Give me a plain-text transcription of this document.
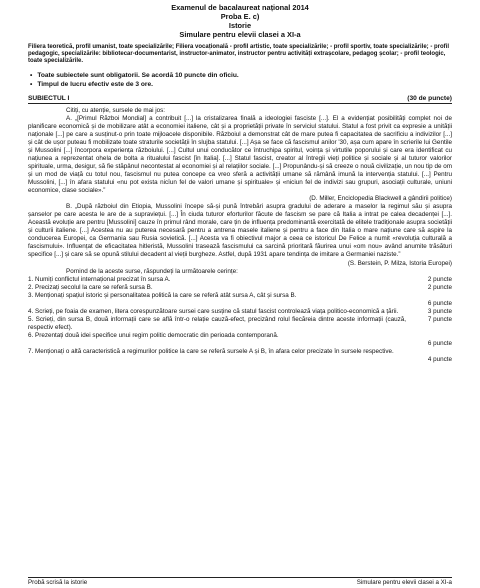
Examenul de bacalaureat național 2014
Proba E. c)
Istorie
Simulare pentru elevii clasei a XI-a
Filiera teoretică, profil umanist, toate specializările; Filiera vocațională - profil artistic, toate specializările; - profil sportiv, toate specializările; - profil pedagogic, specializările: bibliotecar-documentarist, instructor-animator, instructor pentru activități extrașcolare, pedagog școlar; - profil teologic, toate specializările.
• Toate subiectele sunt obligatorii. Se acordă 10 puncte din oficiu.
• Timpul de lucru efectiv este de 3 ore.
SUBIECTUL I	(30 de puncte)

Citiți, cu atenție, sursele de mai jos:

A. „[Primul Război Mondial] a contribuit [...] la cristalizarea finală a ideologiei fasciste [...]. El a evidențiat posibilități complet noi de planificare economică și de mobilizare atât a economiei italiene, cât și a proprietății private în serviciul statului. Statul a fost privit ca expresie a unității naționale [...] pe care a susținut-o prin toate mijloacele disponibile. Războiul a demonstrat cât de mare putea fi capacitatea de sacrificiu a indivizilor [...] și cât de ușor puteau fi mobilizate toate straturile societății în slujba statului. [...] Așa se face că fascismul anilor '30, așa cum apare în scrierile lui Gentile și Mussolini [...] încorpora experiența războiului. [...] Cultul unui conducător ce întruchipa spiritul, voința și virtutile poporului și care era identificat cu națiunea a reprezentat ohela de bolta a ritualului fascist [în Italia]. [...] Statul fascist, creator al întregii vieți politice și sociale și al tuturor valorilor spirituale, urma, desigur, să fie stăpânul necontestat al economiei și al relațiilor sociale. [...] Propunându-și să creeze o nouă civilizație, un nou tip de om și un mod de viață cu totul nou, fascismul nu putea concepe ca vreo sferă a activității umane să rămână imună la intervenția statului. [...] Pentru Mussolini, [...] în afara statului «nu pot exista nicïun fel de valori umane și spirituale» și «niciun fel de indivizi sau grupuri, asociații culturale, uniuni economice, clase sociale».”

(D. Miller, Enciclopedia Blackwell a gândirii politice)

B. „După războiul din Etiopia, Mussolini începe să-și pună întrebări asupra gradului de aderare a maselor la regimul său și asupra șanselor pe care acesta le are de a supraviețui. [...] În ciuda tuturor eforturilor făcute de fascism se pare că Italia a intrat pe calea decadenței [...]. Această evoluție are pentru [Mussolini] cauze în primul rând morale, care țin de influența predominantă exercitată de elitele tradiționale asupra societății și culturii italiene. [...] Acestea nu au puterea necesară pentru a antrena masele italiene și pentru a face din Italia o mare națiune care să aspire la conducerea Europei, ca Germania sau Rusia sovietică. [...] Acesta va fi obiectivul major a ceea ce istoricul De Felice a numit «revoluția culturală a fascismului». Influențat de eficacitatea hitleristă, Mussolini trasează fascismului ca sarcină prioritară făurirea unui «om nou» având anumite trăsături specifice [...] și care să se opună stilului decadent al vieții burgheze. Astfel, după 1931 apare tendința de imitare a Germaniei naziste.”

(S. Berstein, P. Milza, Istoria Europei)

Pornind de la aceste surse, răspundeți la următoarele cerințe:

1. Numiți conflictul internațional precizat în sursa A.	2 puncte
2. Precizați secolul la care se referă sursa B.	2 puncte
3. Menționați spațiul istoric și personalitatea politică la care se referă atât sursa A, cât și sursa B.
6 puncte
4. Scrieți, pe foaia de examen, litera corespunzătoare sursei care susține că statul fascist controlează viața politico-economică a țării.	3 puncte
5. Scrieți, din sursa B, două informații care se află într-o relație cauză-efect, precizând rolul fiecăreia dintre aceste informații (cauză, respectiv efect).
7 puncte
6. Prezentați două idei specifice unui regim politic democratic din perioada contemporană.
6 puncte
7. Menționați o altă caracteristică a regimurilor politice la care se referă sursele A și B, în afara celor precizate în sursele respective.
4 puncte
Probă scrisă la istorie	Simulare pentru elevii clasei a XI-a
